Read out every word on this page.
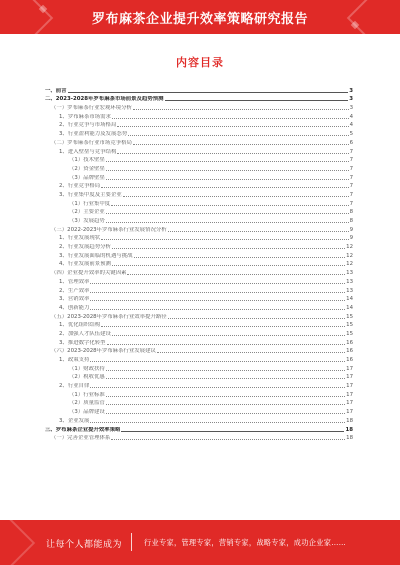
罗布麻茶企业提升效率策略研究报告
内容目录
一、前言	3
二、2023-2028年罗布麻茶市场前景及趋势预测	3
（一）罗布麻茶行业宏观环境分析	3
1、罗布麻茶市场需求	4
2、行业竞争与市场格局	4
3、行业盈利能力及发展态势	5
（二）罗布麻茶行业市场竞争格局	6
1、进入壁垒与竞争结构	7
（1）技术壁垒	7
（2）资金壁垒	7
（3）品牌壁垒	7
2、行业竞争格局	7
3、行业集中度及主要企业	7
（1）行业集中度	7
（2）主要企业	8
（3）发展趋势	8
（三）2022-2023年罗布麻茶行业发展情况分析	9
1、行业发展现状	9
2、行业发展趋势分析	12
3、行业发展面临的机遇与挑战	12
4、行业发展前景预测	12
（四）企业提升效率的关键因素	13
1、管理效率	13
2、生产效率	13
3、营销效率	14
4、创新能力	14
（五）2023-2028年罗布麻茶行业效率提升路径	15
1、优化组织结构	15
2、加强人才队伍建设	15
3、推进数字化转型	16
（六）2023-2028年罗布麻茶行业发展建议	16
1、政策支持	16
（1）财政扶持	17
（2）税收优惠	17
2、行业自律	17
（1）行业标准	17
（2）质量监管	17
（3）品牌建设	17
3、企业发展	18
三、罗布麻茶企业提升效率策略	18
（一）完善企业管理体系	18
让每个人都能成为	行业专家，管理专家，营销专家，战略专家，成功企业家……
